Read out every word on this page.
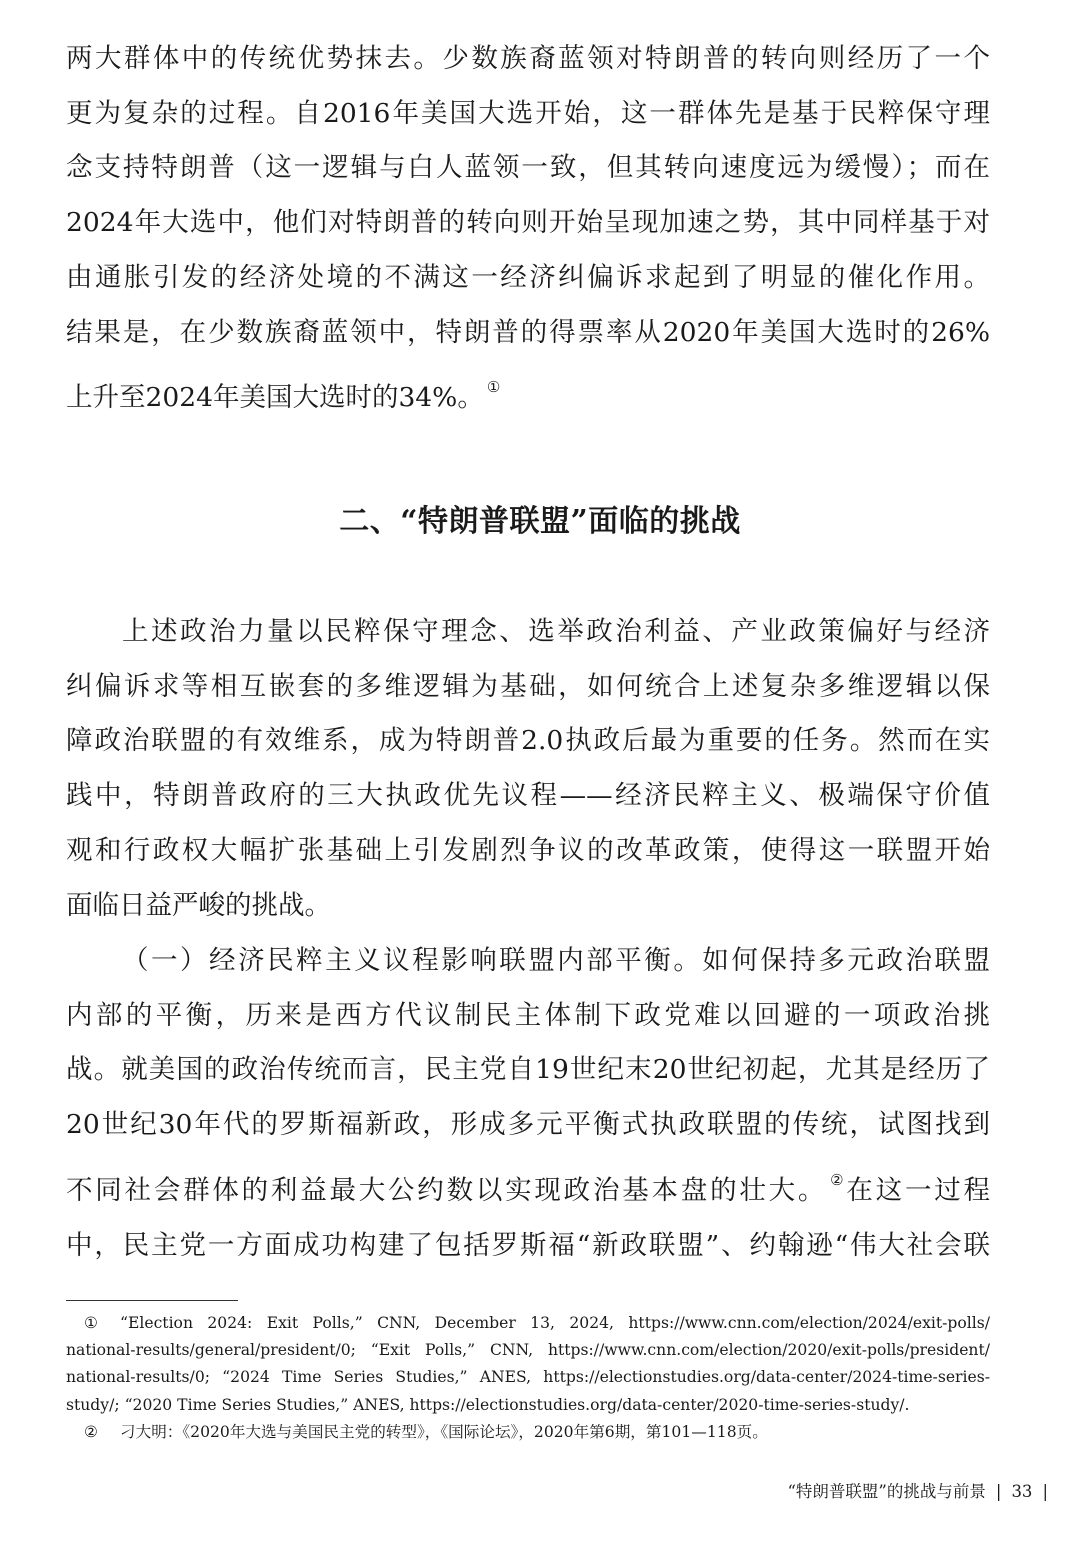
两大群体中的传统优势抹去。少数族裔蓝领对特朗普的转向则经历了一个
更为复杂的过程。自2016年美国大选开始，这一群体先是基于民粹保守理
念支持特朗普（这一逻辑与白人蓝领一致，但其转向速度远为缓慢）；而在
2024年大选中，他们对特朗普的转向则开始呈现加速之势，其中同样基于对
由通胀引发的经济处境的不满这一经济纠偏诉求起到了明显的催化作用。
结果是，在少数族裔蓝领中，特朗普的得票率从2020年美国大选时的26%
上升至2024年美国大选时的34%。 ①

二、“特朗普联盟”面临的挑战

上述政治力量以民粹保守理念、选举政治利益、产业政策偏好与经济
纠偏诉求等相互嵌套的多维逻辑为基础，如何统合上述复杂多维逻辑以保
障政治联盟的有效维系，成为特朗普2.0执政后最为重要的任务。然而在实
践中，特朗普政府的三大执政优先议程——经济民粹主义、极端保守价值
观和行政权大幅扩张基础上引发剧烈争议的改革政策，使得这一联盟开始
面临日益严峻的挑战。

（一）经济民粹主义议程影响联盟内部平衡。如何保持多元政治联盟
内部的平衡，历来是西方代议制民主体制下政党难以回避的一项政治挑
战。就美国的政治传统而言，民主党自19世纪末20世纪初起，尤其是经历了
20世纪30年代的罗斯福新政，形成多元平衡式执政联盟的传统，试图找到
不同社会群体的利益最大公约数以实现政治基本盘的壮大。 ②在这一过程
中，民主党一方面成功构建了包括罗斯福“新政联盟”、约翰逊“伟大社会联

① “Election 2024: Exit Polls,” CNN, December 13, 2024, https://www.cnn.com/election/2024/exit-polls/
national-results/general/president/0; “Exit Polls,” CNN, https://www.cnn.com/election/2020/exit-polls/president/
national-results/0; “2024 Time Series Studies,” ANES, https://electionstudies.org/data-center/2024-time-series-
study/; “2020 Time Series Studies,” ANES, https://electionstudies.org/data-center/2020-time-series-study/.
② 刁大明：《2020年大选与美国民主党的转型》，《国际论坛》，2020年第6期，第101—118页。
“特朗普联盟”的挑战与前景 | 33 |
